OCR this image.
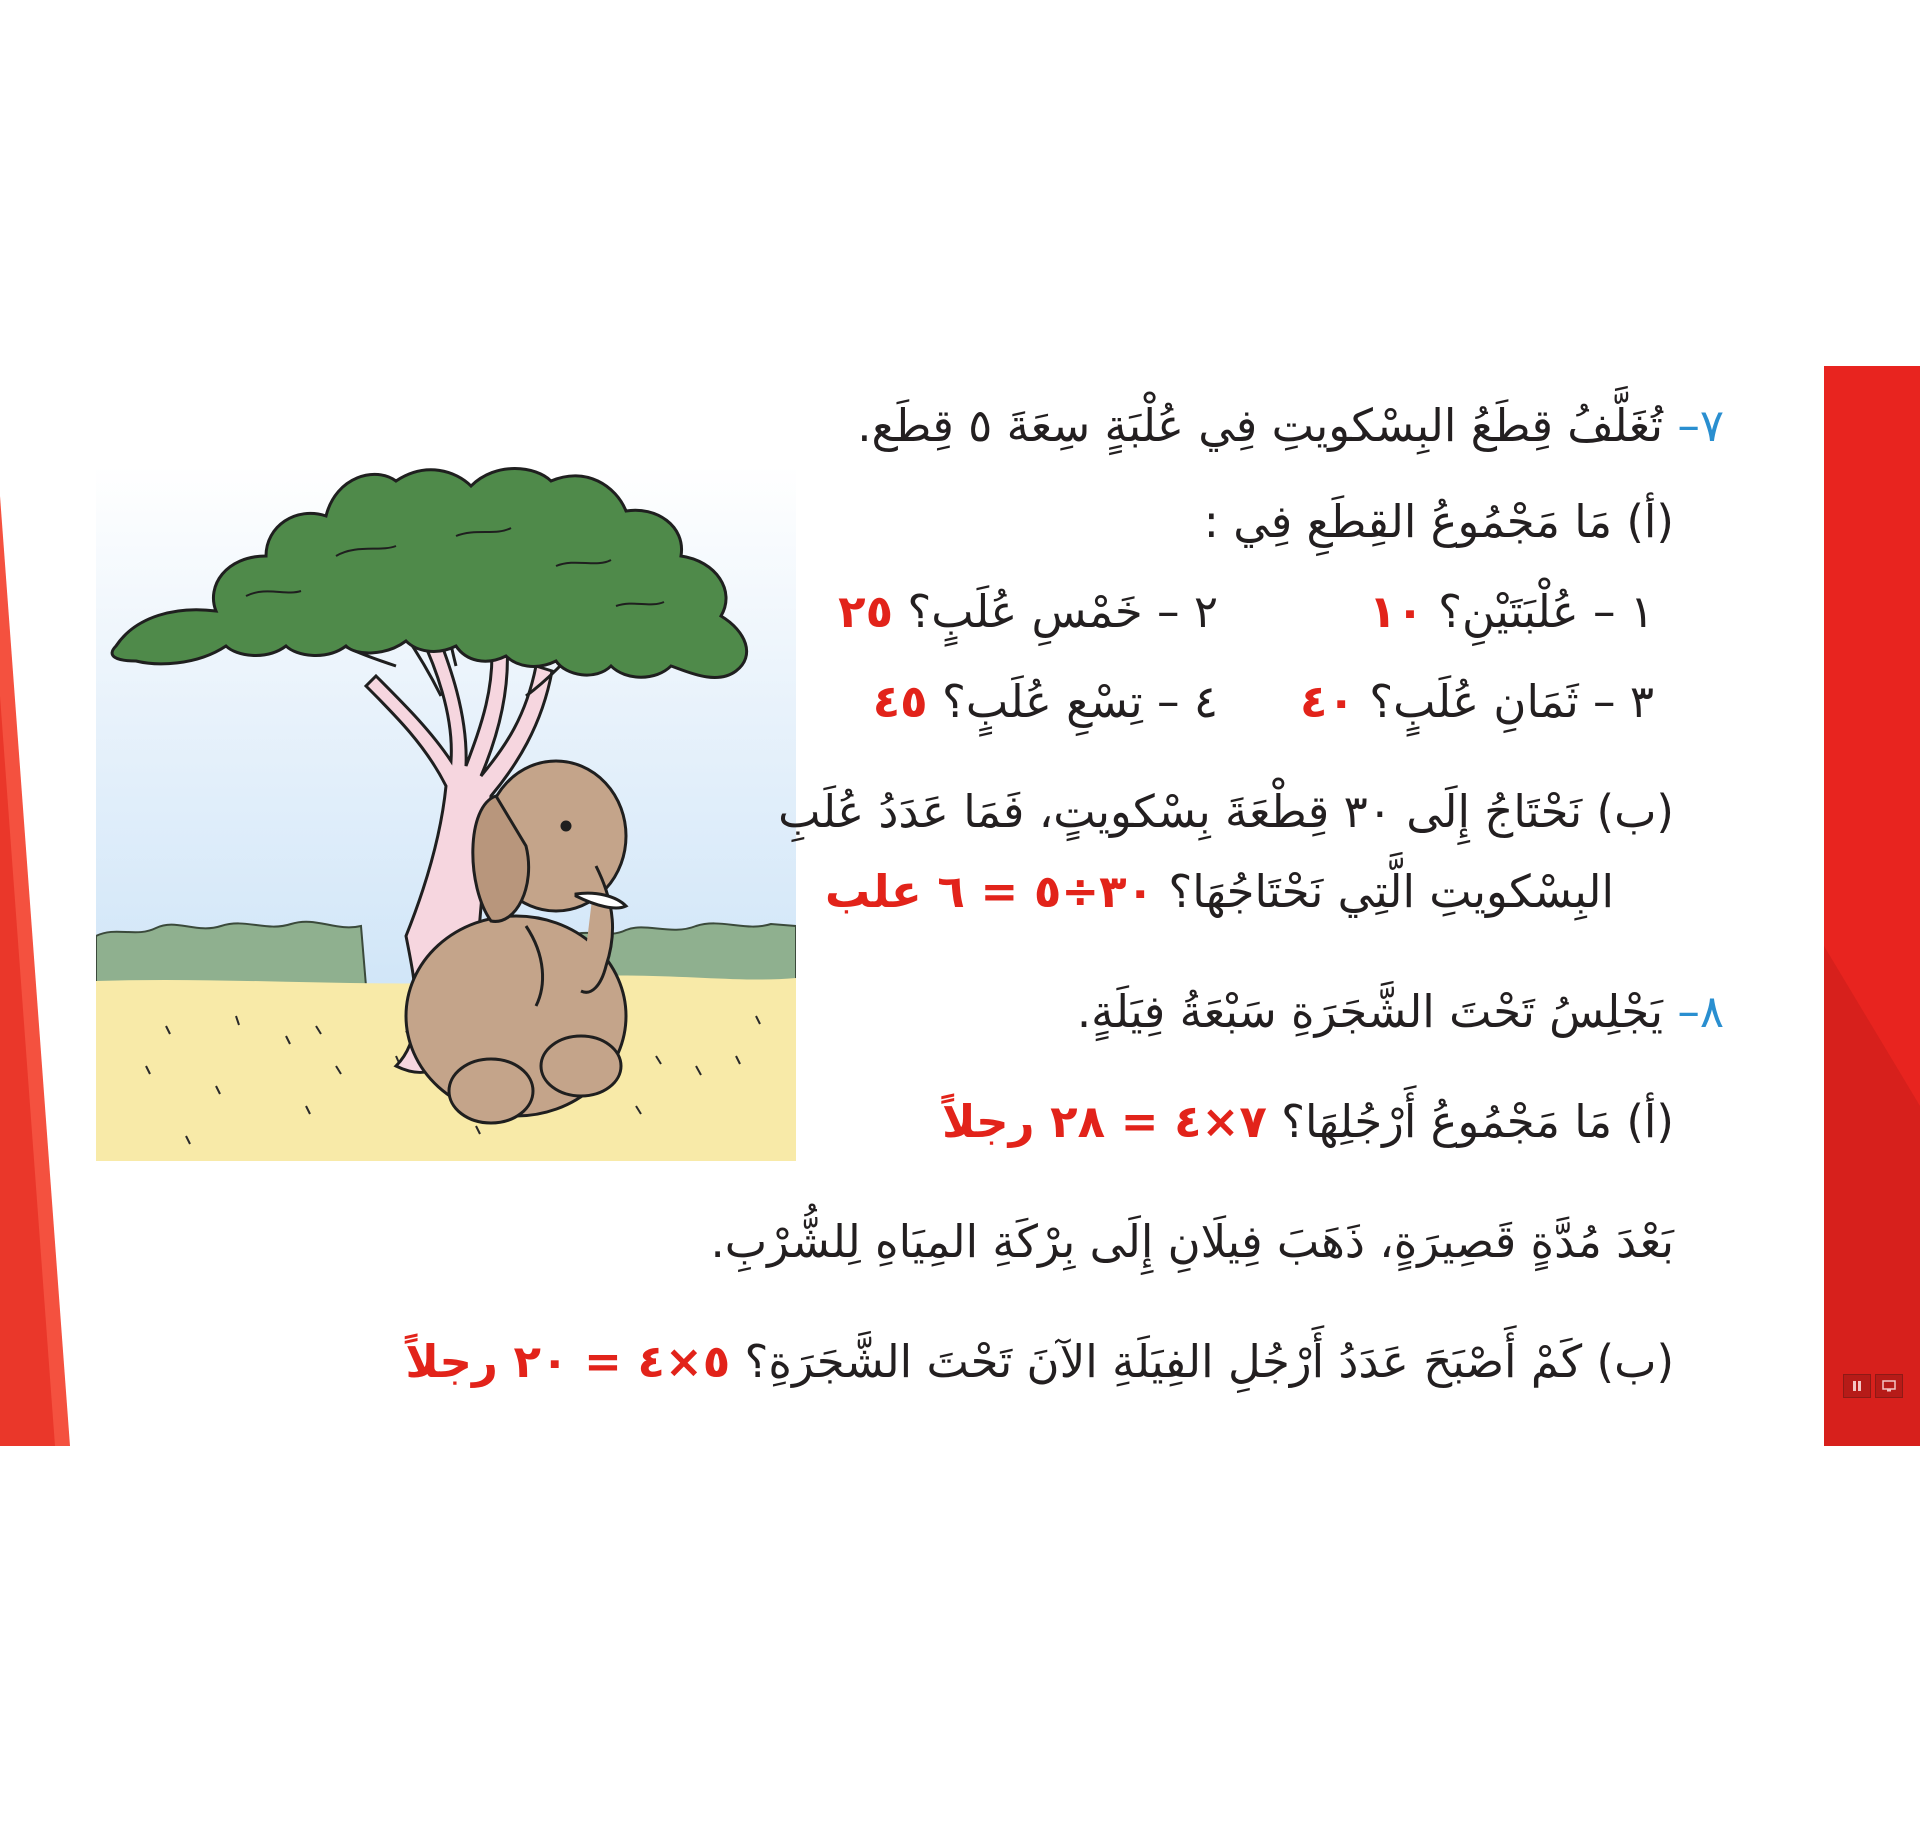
٧– تُغَلَّفُ قِطَعُ البِسْكويتِ فِي عُلْبَةٍ سِعَةَ ٥ قِطَع.
(أ) مَا مَجْمُوعُ القِطَعِ فِي :
١ – عُلْبَتَيْنِ؟ ١٠
٢ – خَمْسِ عُلَبٍ؟ ٢٥
٣ – ثَمَانِ عُلَبٍ؟ ٤٠
٤ – تِسْعِ عُلَبٍ؟ ٤٥
(ب) نَحْتَاجُ إِلَى ٣٠ قِطْعَةَ بِسْكويتٍ، فَمَا عَدَدُ عُلَبِ
البِسْكويتِ الَّتِي نَحْتَاجُهَا؟ ٣٠÷٥ = ٦ علب
٨– يَجْلِسُ تَحْتَ الشَّجَرَةِ سَبْعَةُ فِيَلَةٍ.
(أ) مَا مَجْمُوعُ أَرْجُلِهَا؟ ٧×٤ = ٢٨ رجلاً
بَعْدَ مُدَّةٍ قَصِيرَةٍ، ذَهَبَ فِيلَانِ إِلَى بِرْكَةِ المِيَاهِ لِلشُّرْبِ.
(ب) كَمْ أَصْبَحَ عَدَدُ أَرْجُلِ الفِيَلَةِ الآنَ تَحْتَ الشَّجَرَةِ؟ ٥×٤ = ٢٠ رجلاً
